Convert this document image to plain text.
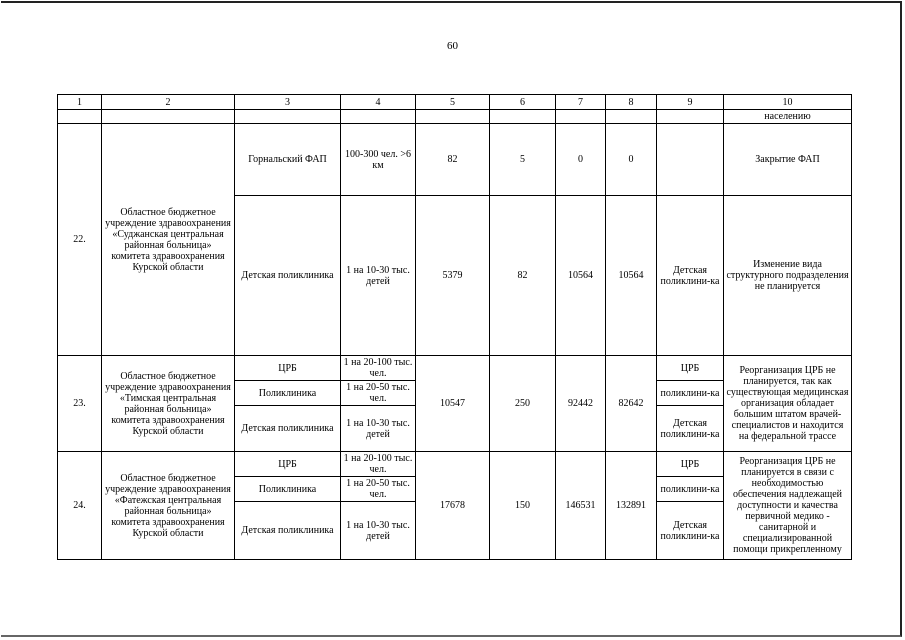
60
1	2	3	4	5	6	7	8	9	10
									населению
22.	Областное бюджетное учреждение здравоохранения «Суджанская центральная районная больница» комитета здравоохранения Курской области	Горнальский ФАП	100-300 чел. >6 км	82	5	0	0		Закрытие ФАП
		Детская поликлиника	1 на 10-30 тыс. детей	5379	82	10564	10564	Детская поликлини-ка	Изменение вида структурного подразделения не планируется
23.	Областное бюджетное учреждение здравоохранения «Тимская центральная районная больница» комитета здравоохранения Курской области	ЦРБ	1 на 20-100 тыс. чел.	10547	250	92442	82642	ЦРБ	Реорганизация ЦРБ не планируется, так как существующая медицинская организация обладает большим штатом врачей-специалистов и находится на федеральной трассе
		Поликлиника	1 на 20-50 тыс. чел.					поликлини-ка	
		Детская поликлиника	1 на 10-30 тыс. детей					Детская поликлини-ка	
24.	Областное бюджетное учреждение здравоохранения «Фатежская центральная районная больница» комитета здравоохранения Курской области	ЦРБ	1 на 20-100 тыс. чел.	17678	150	146531	132891	ЦРБ	Реорганизация ЦРБ не планируется в связи с необходимостью обеспечения надлежащей доступности и качества первичной медико - санитарной и специализированной помощи прикрепленному
		Поликлиника	1 на 20-50 тыс. чел.					поликлини-ка	
		Детская поликлиника	1 на 10-30 тыс. детей					Детская поликлини-ка	
